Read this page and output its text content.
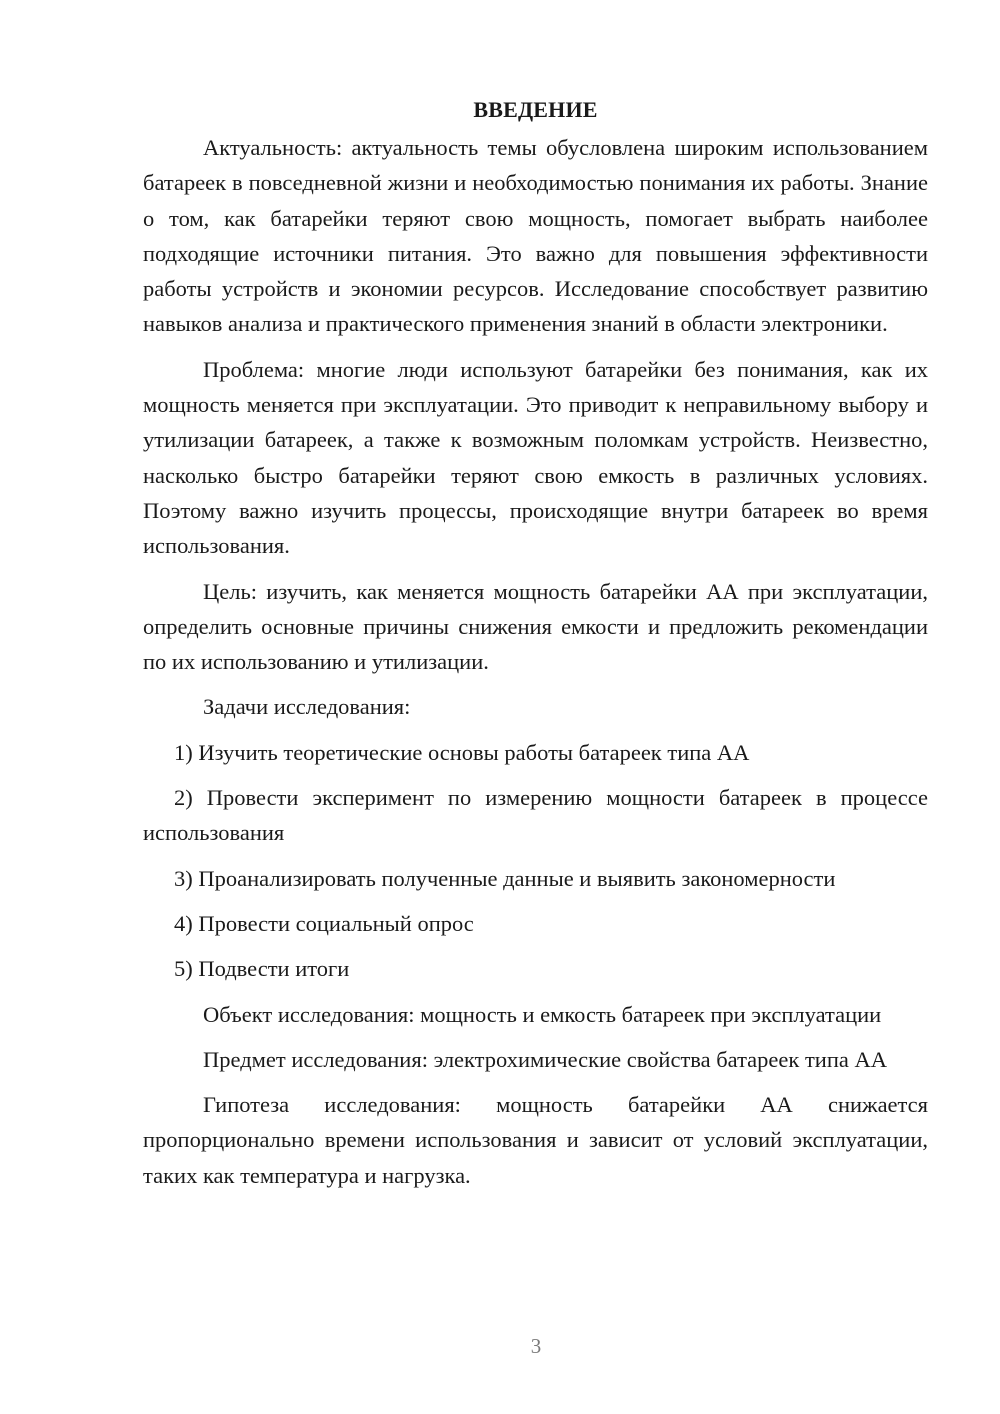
ВВЕДЕНИЕ

Актуальность: актуальность темы обусловлена широким использованием батареек в повседневной жизни и необходимостью понимания их работы. Знание о том, как батарейки теряют свою мощность, помогает выбрать наиболее подходящие источники питания. Это важно для повышения эффективности работы устройств и экономии ресурсов. Исследование способствует развитию навыков анализа и практического применения знаний в области электроники.

Проблема: многие люди используют батарейки без понимания, как их мощность меняется при эксплуатации. Это приводит к неправильному выбору и утилизации батареек, а также к возможным поломкам устройств. Неизвестно, насколько быстро батарейки теряют свою емкость в различных условиях. Поэтому важно изучить процессы, происходящие внутри батареек во время использования.

Цель: изучить, как меняется мощность батарейки АА при эксплуатации, определить основные причины снижения емкости и предложить рекомендации по их использованию и утилизации.

Задачи исследования:

1) Изучить теоретические основы работы батареек типа АА

2) Провести эксперимент по измерению мощности батареек в процессе использования

3) Проанализировать полученные данные и выявить закономерности

4) Провести социальный опрос

5) Подвести итоги

Объект исследования: мощность и емкость батареек при эксплуатации

Предмет исследования: электрохимические свойства батареек типа АА

Гипотеза исследования: мощность батарейки АА снижается пропорционально времени использования и зависит от условий эксплуатации, таких как температура и нагрузка.

3
